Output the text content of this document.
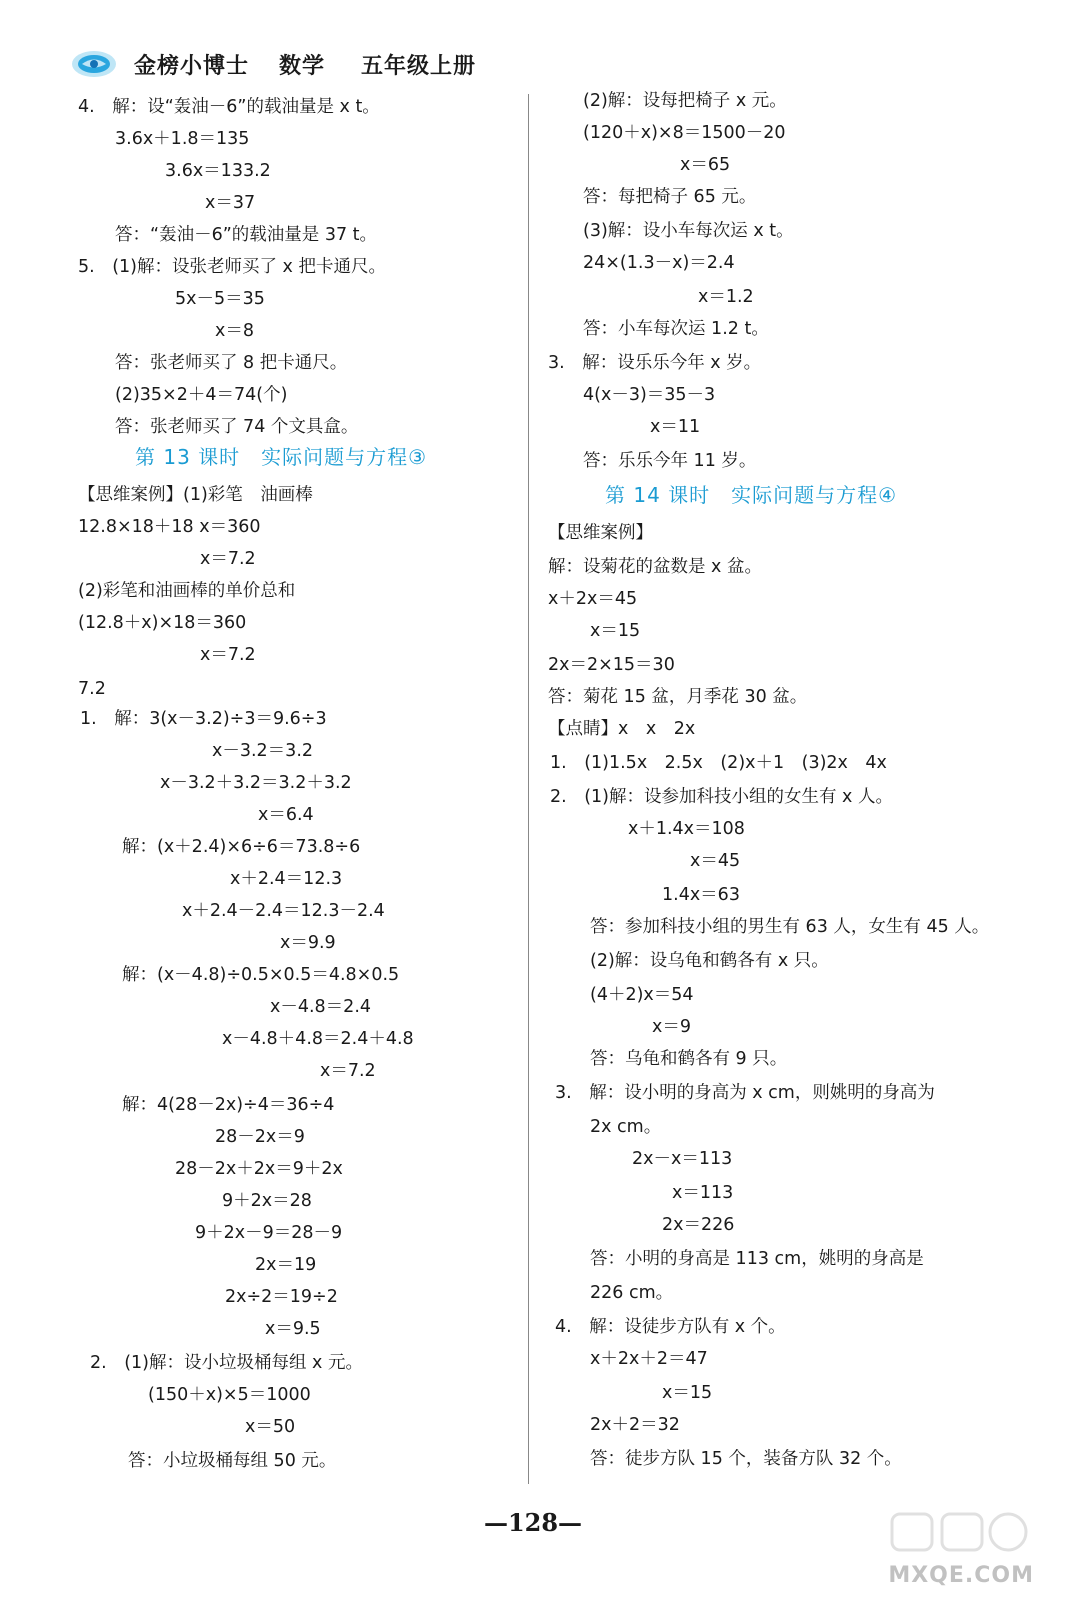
金榜小博士 数学 五年级上册
4.　解：设“轰油－6”的载油量是 x t。
3.6x＋1.8＝135
3.6x＝133.2
x＝37
答：“轰油－6”的载油量是 37 t。
5.　(1)解：设张老师买了 x 把卡通尺。
5x－5＝35
x＝8
答：张老师买了 8 把卡通尺。
(2)35×2＋4＝74(个)
答：张老师买了 74 个文具盒。
第 13 课时　实际问题与方程③
【思维案例】(1)彩笔　油画棒
12.8×18＋18 x＝360
x＝7.2
(2)彩笔和油画棒的单价总和
(12.8＋x)×18＝360
x＝7.2
7.2
1.　解：3(x－3.2)÷3＝9.6÷3
x－3.2＝3.2
x－3.2＋3.2＝3.2＋3.2
x＝6.4
解：(x＋2.4)×6÷6＝73.8÷6
x＋2.4＝12.3
x＋2.4－2.4＝12.3－2.4
x＝9.9
解：(x－4.8)÷0.5×0.5＝4.8×0.5
x－4.8＝2.4
x－4.8＋4.8＝2.4＋4.8
x＝7.2
解：4(28－2x)÷4＝36÷4
28－2x＝9
28－2x＋2x＝9＋2x
9＋2x＝28
9＋2x－9＝28－9
2x＝19
2x÷2＝19÷2
x＝9.5
2.　(1)解：设小垃圾桶每组 x 元。
(150＋x)×5＝1000
x＝50
答：小垃圾桶每组 50 元。
(2)解：设每把椅子 x 元。
(120＋x)×8＝1500－20
x＝65
答：每把椅子 65 元。
(3)解：设小车每次运 x t。
24×(1.3－x)＝2.4
x＝1.2
答：小车每次运 1.2 t。
3.　解：设乐乐今年 x 岁。
4(x－3)＝35－3
x＝11
答：乐乐今年 11 岁。
第 14 课时　实际问题与方程④
【思维案例】
解：设菊花的盆数是 x 盆。
x＋2x＝45
x＝15
2x＝2×15＝30
答：菊花 15 盆，月季花 30 盆。
【点睛】x　x　2x
1.　(1)1.5x　2.5x　(2)x＋1　(3)2x　4x
2.　(1)解：设参加科技小组的女生有 x 人。
x＋1.4x＝108
x＝45
1.4x＝63
答：参加科技小组的男生有 63 人，女生有 45 人。
(2)解：设乌龟和鹤各有 x 只。
(4＋2)x＝54
x＝9
答：乌龟和鹤各有 9 只。
3.　解：设小明的身高为 x cm，则姚明的身高为
2x cm。
2x－x＝113
x＝113
2x＝226
答：小明的身高是 113 cm，姚明的身高是
226 cm。
4.　解：设徒步方队有 x 个。
x＋2x＋2＝47
x＝15
2x＋2＝32
答：徒步方队 15 个，装备方队 32 个。
—128—
MXQE.COM
